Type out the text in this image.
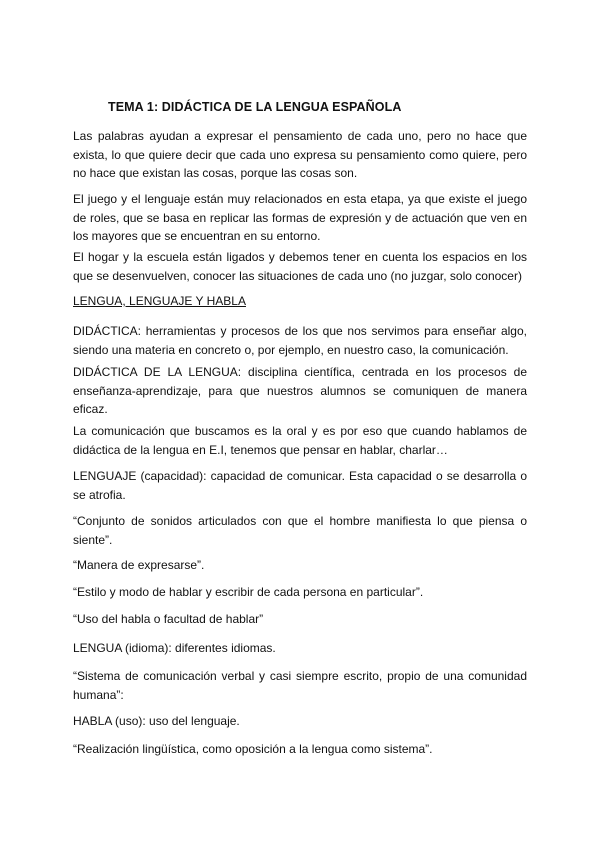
TEMA 1: DIDÁCTICA DE LA LENGUA ESPAÑOLA

Las palabras ayudan a expresar el pensamiento de cada uno, pero no hace que exista, lo que quiere decir que cada uno expresa su pensamiento como quiere, pero no hace que existan las cosas, porque las cosas son.

El juego y el lenguaje están muy relacionados en esta etapa, ya que existe el juego de roles, que se basa en replicar las formas de expresión y de actuación que ven en los mayores que se encuentran en su entorno.

El hogar y la escuela están ligados y debemos tener en cuenta los espacios en los que se desenvuelven, conocer las situaciones de cada uno (no juzgar, solo conocer)

LENGUA, LENGUAJE Y HABLA

DIDÁCTICA: herramientas y procesos de los que nos servimos para enseñar algo, siendo una materia en concreto o, por ejemplo, en nuestro caso, la comunicación.

DIDÁCTICA DE LA LENGUA: disciplina científica, centrada en los procesos de enseñanza-aprendizaje, para que nuestros alumnos se comuniquen de manera eficaz.

La comunicación que buscamos es la oral y es por eso que cuando hablamos de didáctica de la lengua en E.I, tenemos que pensar en hablar, charlar…

LENGUAJE (capacidad): capacidad de comunicar. Esta capacidad o se desarrolla o se atrofia.

“Conjunto de sonidos articulados con que el hombre manifiesta lo que piensa o siente”.

“Manera de expresarse”.

“Estilo y modo de hablar y escribir de cada persona en particular”.

“Uso del habla o facultad de hablar”

LENGUA (idioma): diferentes idiomas.

“Sistema de comunicación verbal y casi siempre escrito, propio de una comunidad humana”:

HABLA (uso): uso del lenguaje.

“Realización lingüística, como oposición a la lengua como sistema”.
